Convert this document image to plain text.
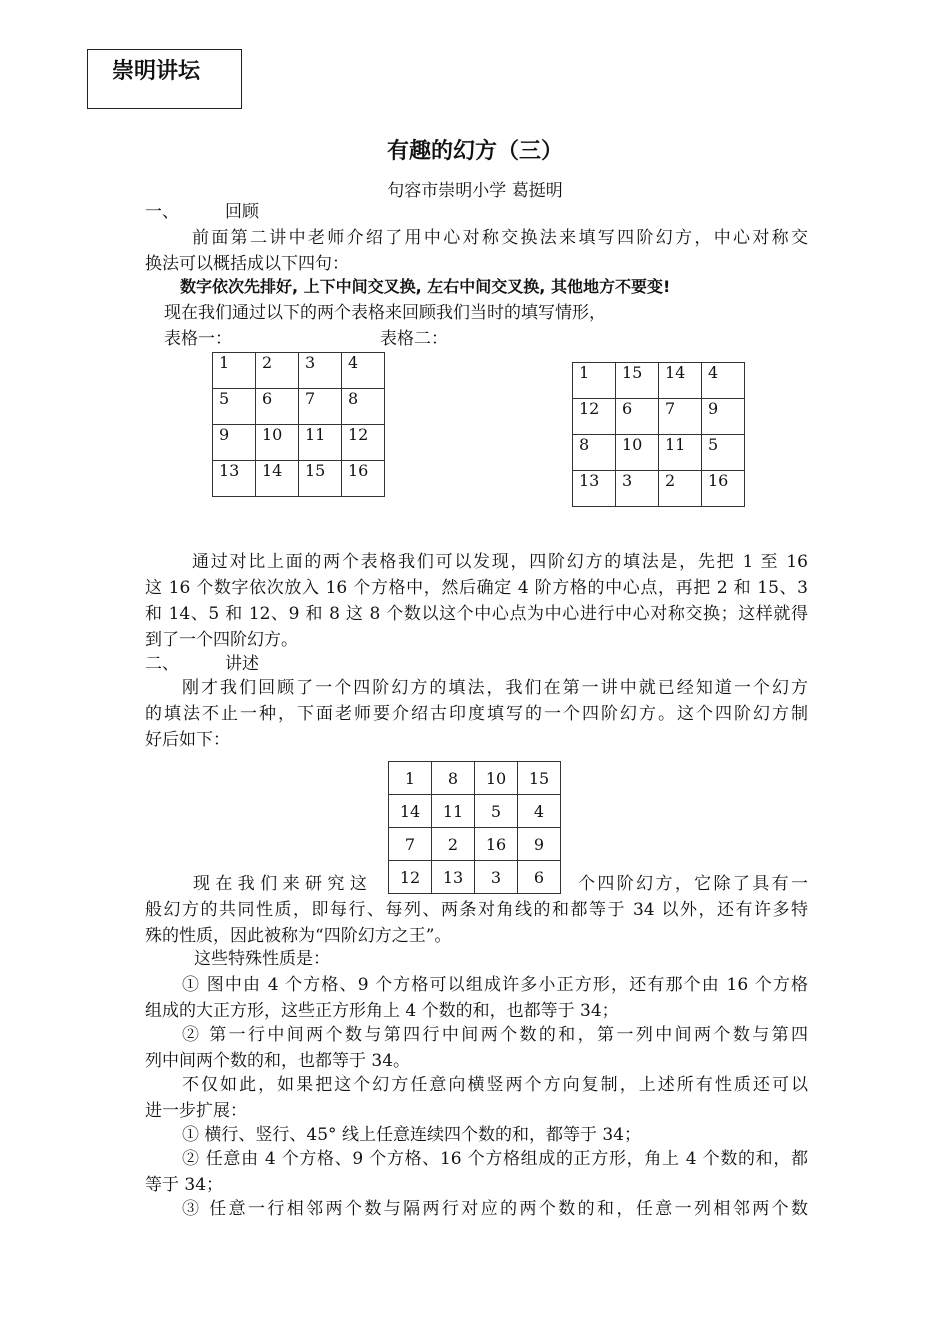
崇明讲坛
有趣的幻方（三）
句容市崇明小学 葛挺明
一、	回顾
前面第二讲中老师介绍了用中心对称交换法来填写四阶幻方，中心对称交
换法可以概括成以下四句：
数字依次先排好, 上下中间交叉换, 左右中间交叉换, 其他地方不要变!
现在我们通过以下的两个表格来回顾我们当时的填写情形，
表格一：	表格二：
1	2	3	4
5	6	7	8
9	10	11	12
13	14	15	16
1	15	14	4
12	6	7	9
8	10	11	5
13	3	2	16
通过对比上面的两个表格我们可以发现，四阶幻方的填法是，先把 1 至 16
这 16 个数字依次放入 16 个方格中，然后确定 4 阶方格的中心点，再把 2 和 15、3
和 14、5 和 12、9 和 8 这 8 个数以这个中心点为中心进行中心对称交换；这样就得
到了一个四阶幻方。
二、	讲述
刚才我们回顾了一个四阶幻方的填法，我们在第一讲中就已经知道一个幻方
的填法不止一种，下面老师要介绍古印度填写的一个四阶幻方。这个四阶幻方制
好后如下：
1	8	10	15
14	11	5	4
7	2	16	9
12	13	3	6
现 在 我 们 来 研 究 这	个四阶幻方，它除了具有一
般幻方的共同性质，即每行、每列、两条对角线的和都等于 34 以外，还有许多特
殊的性质，因此被称为“四阶幻方之王”。
这些特殊性质是：
① 图中由 4 个方格、9 个方格可以组成许多小正方形，还有那个由 16 个方格
组成的大正方形，这些正方形角上 4 个数的和，也都等于 34；
② 第一行中间两个数与第四行中间两个数的和，第一列中间两个数与第四
列中间两个数的和，也都等于 34。
不仅如此，如果把这个幻方任意向横竖两个方向复制，上述所有性质还可以
进一步扩展：
① 横行、竖行、45° 线上任意连续四个数的和，都等于 34；
② 任意由 4 个方格、9 个方格、16 个方格组成的正方形，角上 4 个数的和，都
等于 34；
③ 任意一行相邻两个数与隔两行对应的两个数的和，任意一列相邻两个数
